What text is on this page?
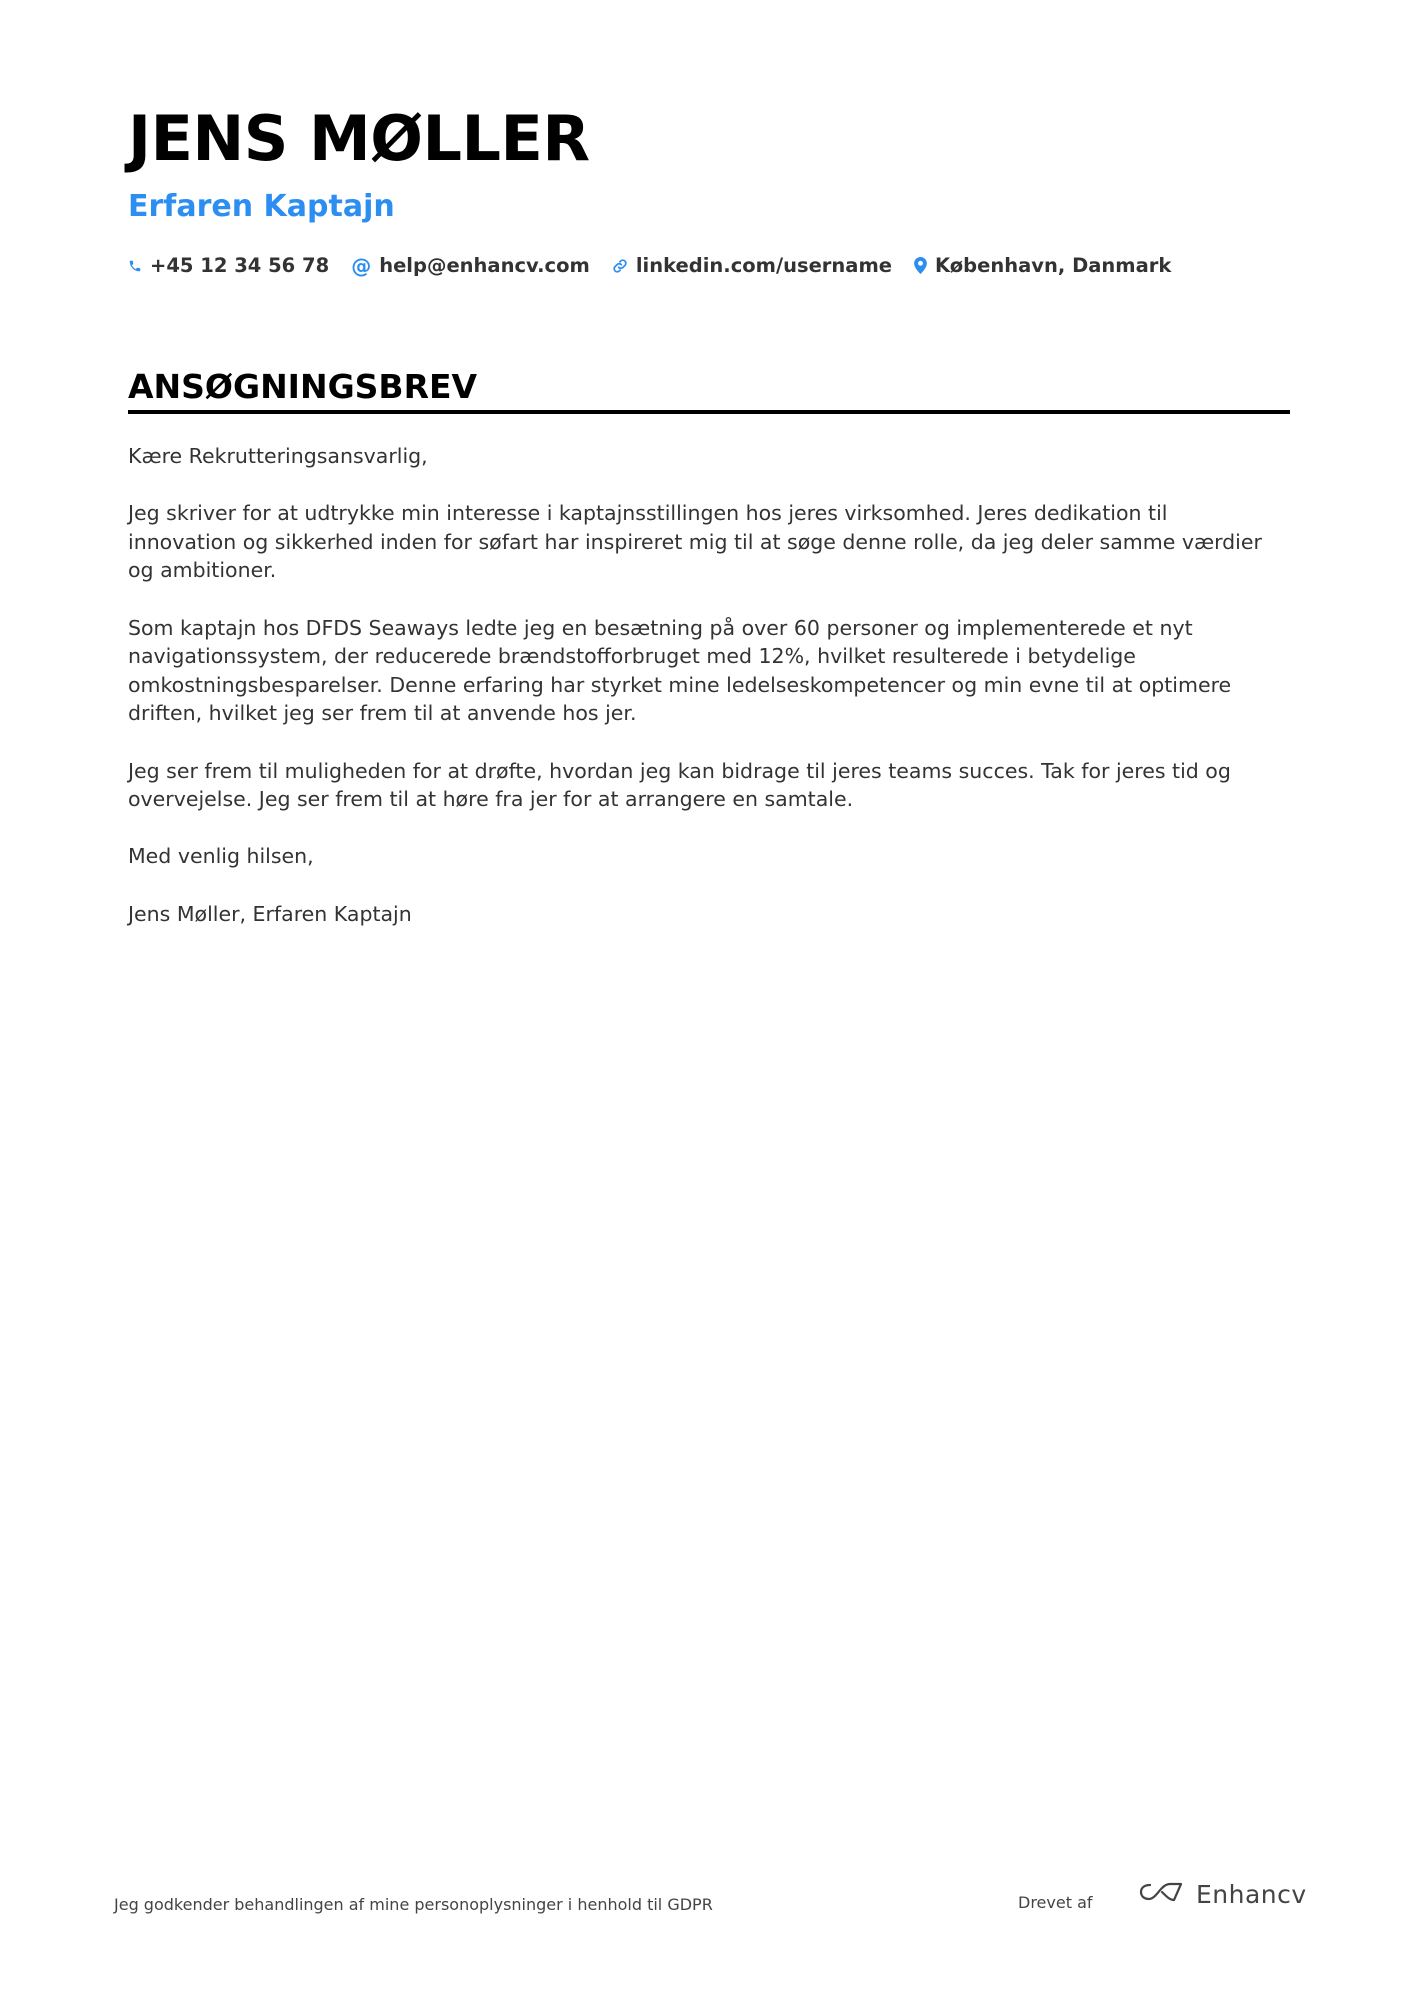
JENS MØLLER
Erfaren Kaptajn
+45 12 34 56 78 @ help@enhancv.com linkedin.com/username København, Danmark
ANSØGNINGSBREV

Kære Rekrutteringsansvarlig,

Jeg skriver for at udtrykke min interesse i kaptajnsstillingen hos jeres virksomhed. Jeres dedikation til innovation og sikkerhed inden for søfart har inspireret mig til at søge denne rolle, da jeg deler samme værdier og ambitioner.

Som kaptajn hos DFDS Seaways ledte jeg en besætning på over 60 personer og implementerede et nyt navigationssystem, der reducerede brændstofforbruget med 12%, hvilket resulterede i betydelige omkostningsbesparelser. Denne erfaring har styrket mine ledelseskompetencer og min evne til at optimere driften, hvilket jeg ser frem til at anvende hos jer.

Jeg ser frem til muligheden for at drøfte, hvordan jeg kan bidrage til jeres teams succes. Tak for jeres tid og overvejelse. Jeg ser frem til at høre fra jer for at arrangere en samtale.

Med venlig hilsen,

Jens Møller, Erfaren Kaptajn

Jeg godkender behandlingen af mine personoplysninger i henhold til GDPR	Drevet af	Enhancv
